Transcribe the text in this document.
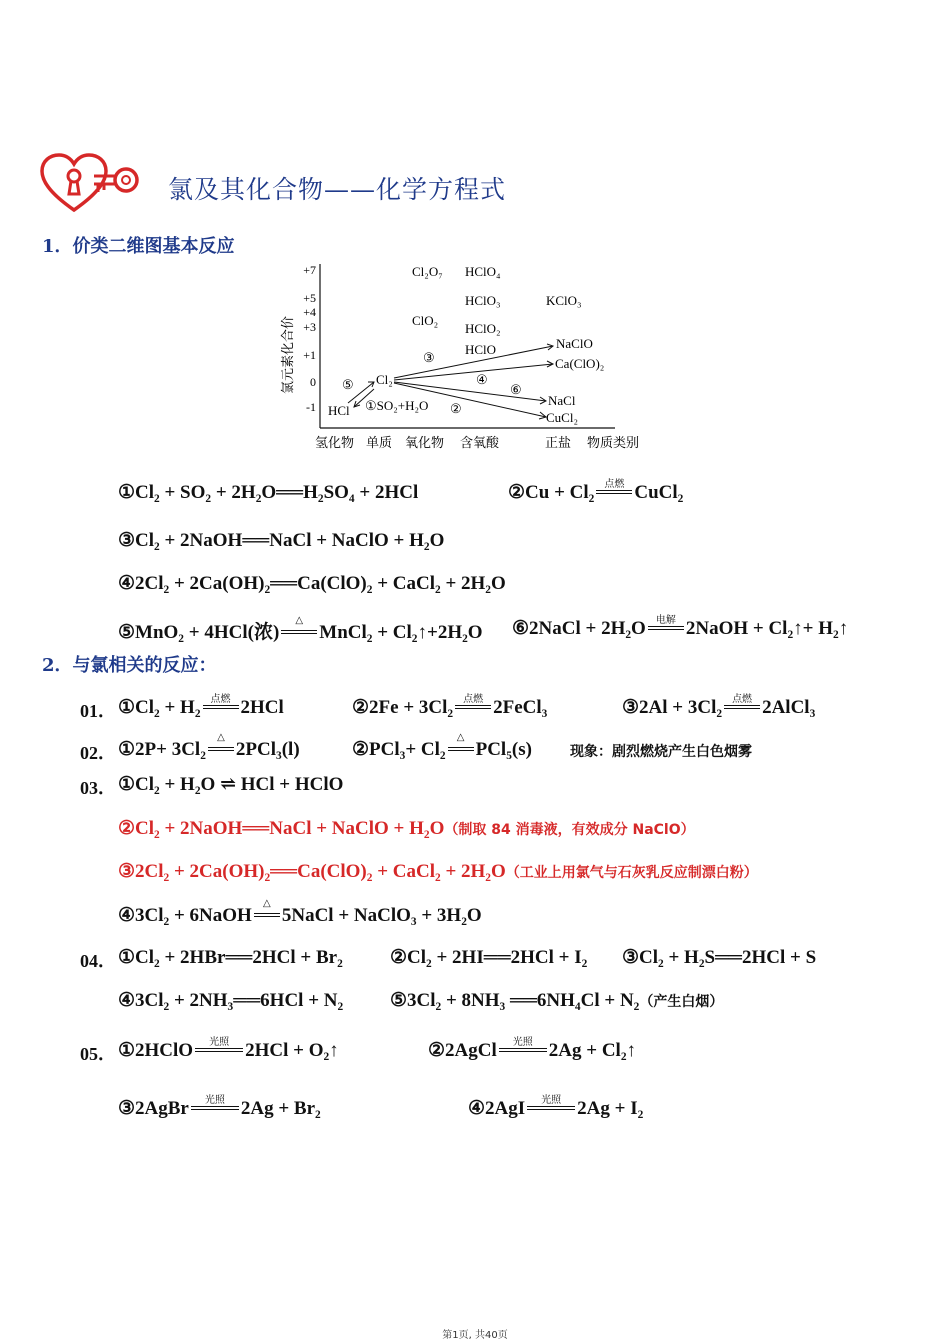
氯及其化合物——化学方程式
1．价类二维图基本反应
氯元素化合价
+7
+5
+4
+3
+1
0
-1
氢化物 单质 氧化物 含氧酸	正盐 物质类别
Cl₂O₇ HClO₄
HClO₃	KClO₃
ClO₂
HClO₂
HClO	NaClO
Ca(ClO)₂
Cl₂
HCl ①SO₂+H₂O	NaCl
CuCl₂
③
④
⑥
⑤
②
①Cl₂ + SO₂ + 2H₂O══H₂SO₄ + 2HCl	②Cu + Cl₂	点燃 CuCl₂
③Cl₂ + 2NaOH══NaCl + NaClO + H₂O
④2Cl₂ + 2Ca(OH)₂══Ca(ClO)₂ + CaCl₂ + 2H₂O
⑤MnO₂ + 4HCl(浓)
△
MnCl₂ + Cl₂↑+2H₂O ⑥2NaCl + 2H₂O	电解 2NaOH + Cl₂↑+ H₂↑
2．与氯相关的反应：
01． ①Cl₂ + H₂	点燃 2HCl	②2Fe + 3Cl₂	点燃 2FeCl₃	③2Al + 3Cl₂	点燃 2AlCl₃
02． ①2P+ 3Cl₂
△
2PCl₃(l)	②PCl₃+ Cl₂
△
PCl₅(s)	现象：剧烈燃烧产生白色烟雾
03． ①Cl₂ + H₂O ⇌ HCl + HClO
②Cl₂ + 2NaOH══NaCl + NaClO + H₂O（制取 84 消毒液，有效成分 NaClO）
③2Cl₂ + 2Ca(OH)₂══Ca(ClO)₂ + CaCl₂ + 2H₂O（工业上用氯气与石灰乳反应制漂白粉）
④3Cl₂ + 6NaOH
△
5NaCl + NaClO₃ + 3H₂O
04． ①Cl₂ + 2HBr══2HCl + Br₂ ②Cl₂ + 2HI══2HCl + I₂ ③Cl₂ + H₂S══2HCl + S
④3Cl₂ + 2NH₃══6HCl + N₂ ⑤3Cl₂ + 8NH₃ ══6NH₄Cl + N₂（产生白烟）
05． ①2HClO	光照 2HCl + O₂↑	②2AgCl	光照 2Ag + Cl₂↑
③2AgBr	光照 2Ag + Br₂	④2AgI	光照 2Ag + I₂
第1页, 共40页
